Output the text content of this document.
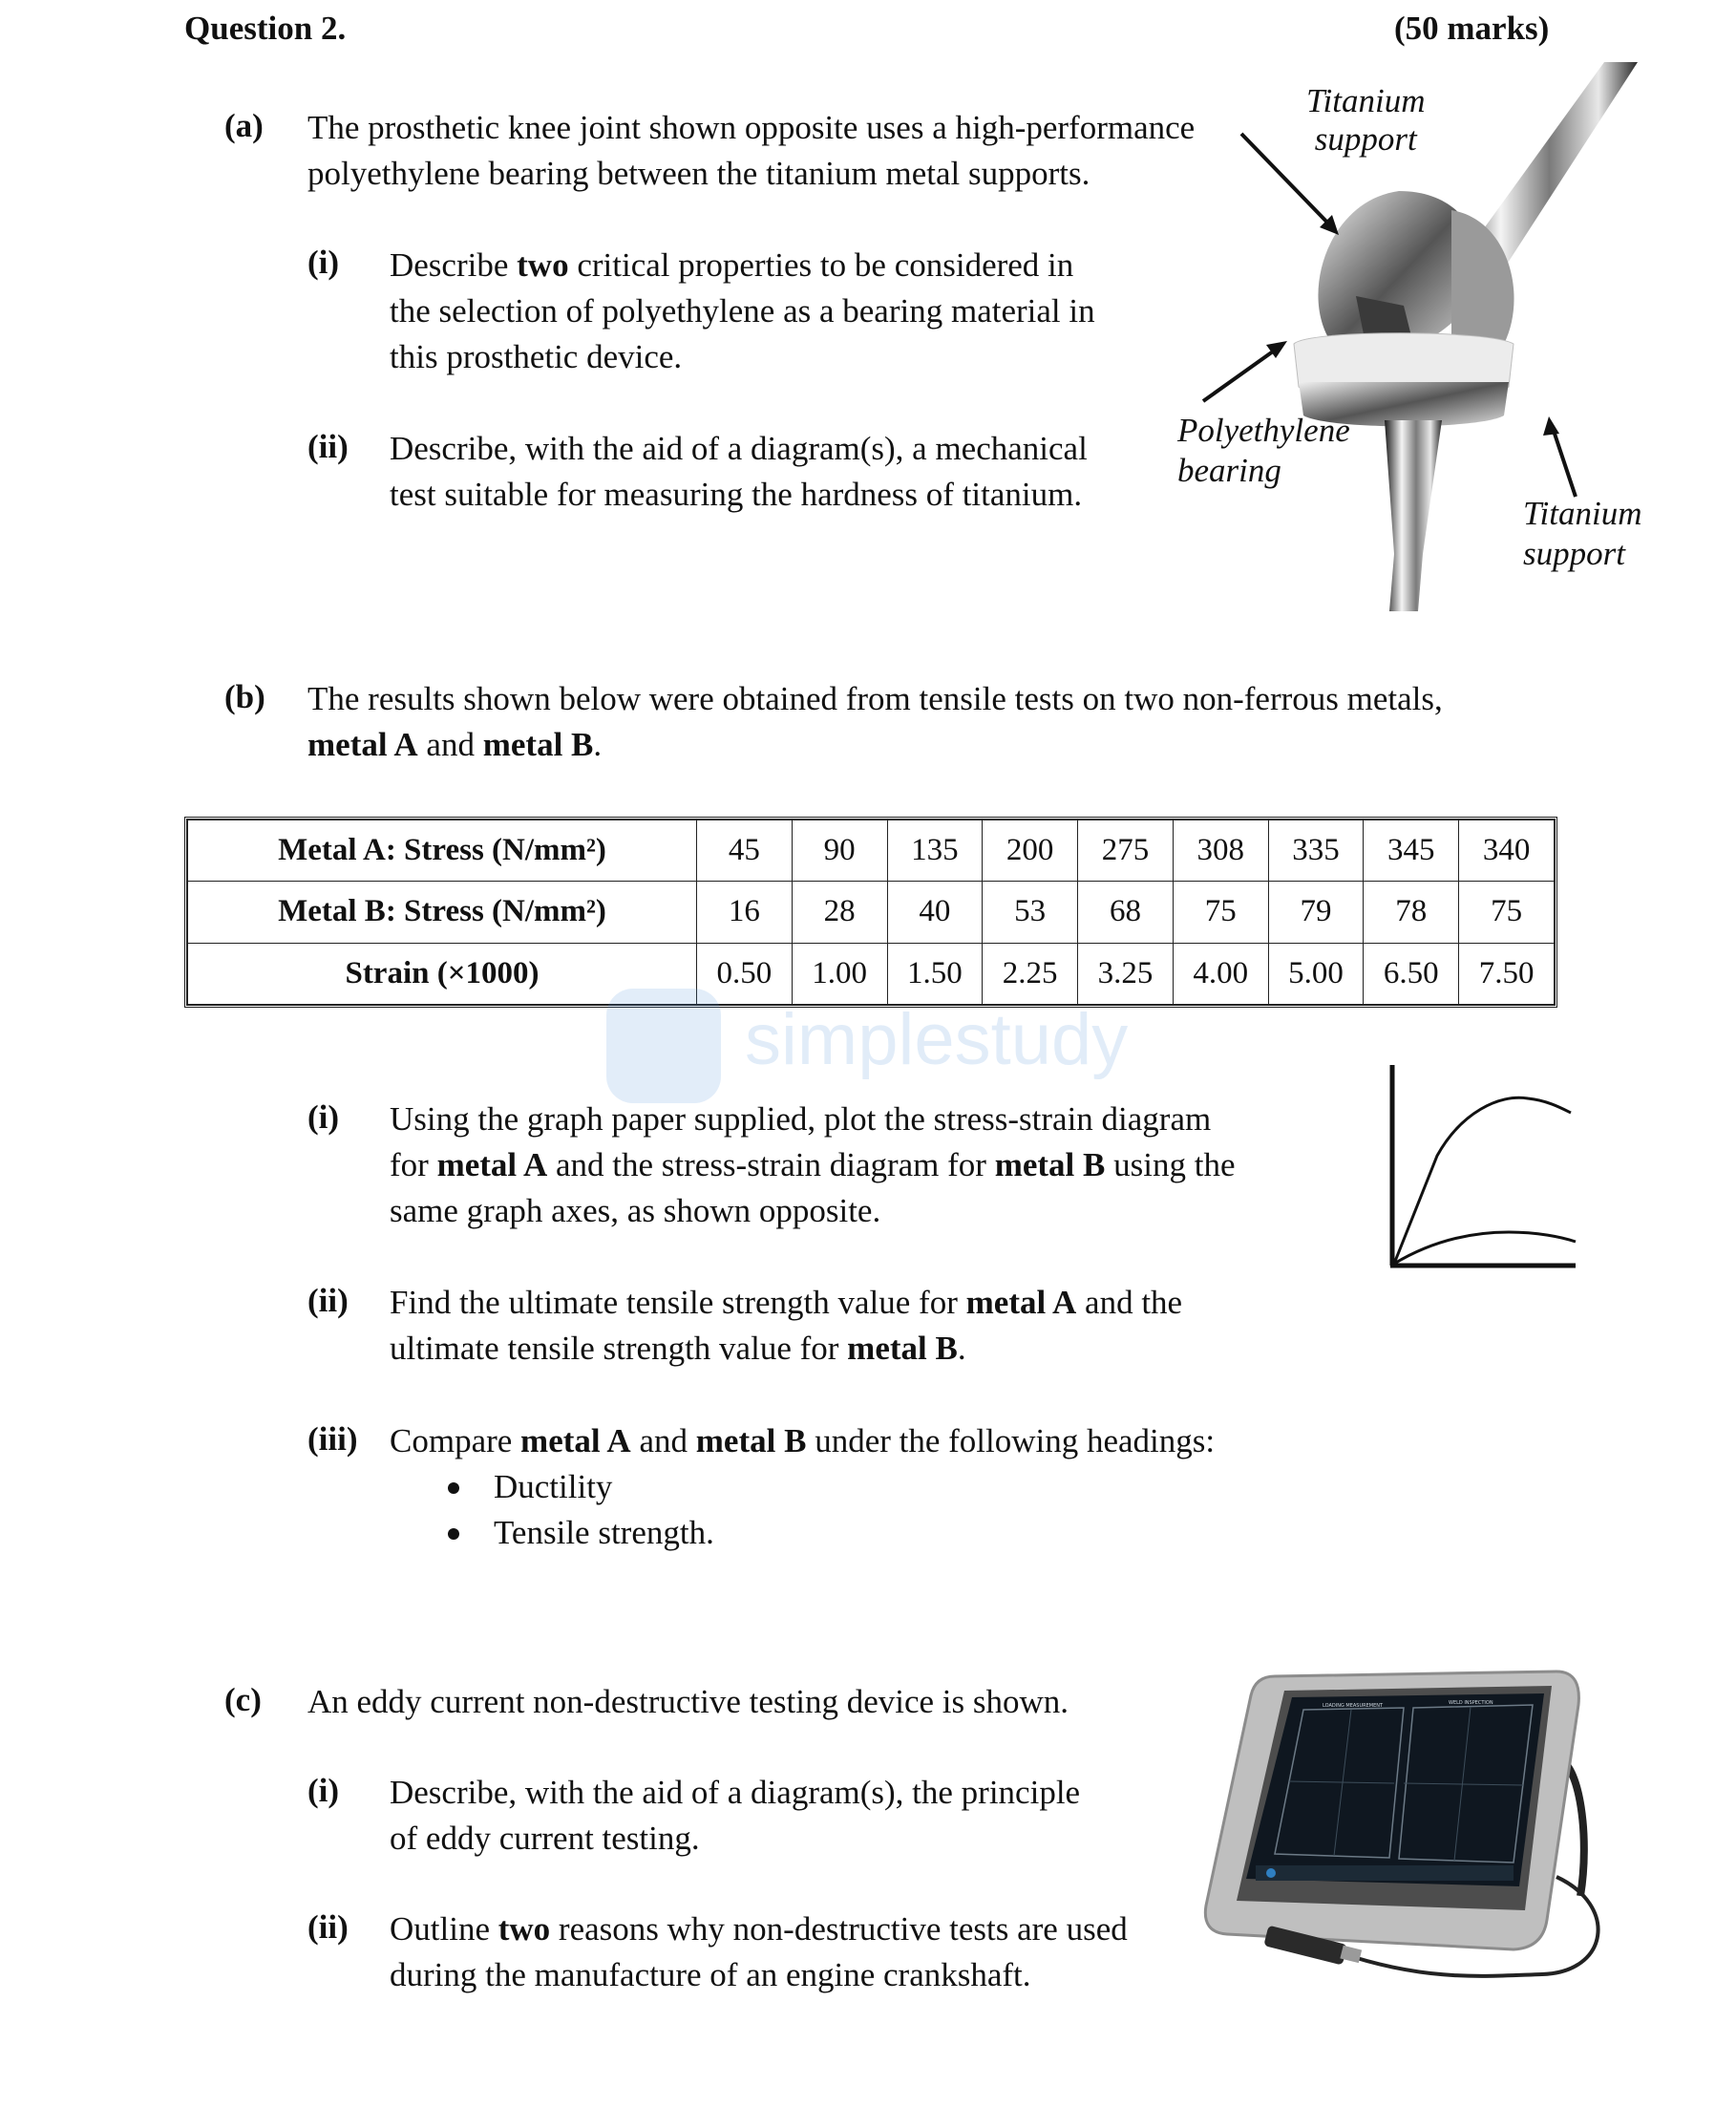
Question 2.	(50 marks)
(a) The prosthetic knee joint shown opposite uses a high-performance
polyethylene bearing between the titanium metal supports.
(i) Describe two critical properties to be considered in
the selection of polyethylene as a bearing material in
this prosthetic device.
(ii) Describe, with the aid of a diagram(s), a mechanical
test suitable for measuring the hardness of titanium.
Titanium
support
Polyethylene
bearing
Titanium
support
(b) The results shown below were obtained from tensile tests on two non-ferrous metals,
metal A and metal B.
Metal A: Stress (N/mm²)	45	90	135	200	275	308	335	345	340
Metal B: Stress (N/mm²)	16	28	40	53	68	75	79	78	75
Strain (×1000)	0.50	1.00	1.50	2.25	3.25	4.00	5.00	6.50	7.50
simplestudy
(i) Using the graph paper supplied, plot the stress-strain diagram
for metal A and the stress-strain diagram for metal B using the
same graph axes, as shown opposite.
(ii) Find the ultimate tensile strength value for metal A and the
ultimate tensile strength value for metal B.
(iii) Compare metal A and metal B under the following headings:
Ductility
Tensile strength.
(c) An eddy current non-destructive testing device is shown.
(i) Describe, with the aid of a diagram(s), the principle
of eddy current testing.
(ii) Outline two reasons why non-destructive tests are used
during the manufacture of an engine crankshaft.
LOADING MEASUREMENT	WELD INSPECTION
